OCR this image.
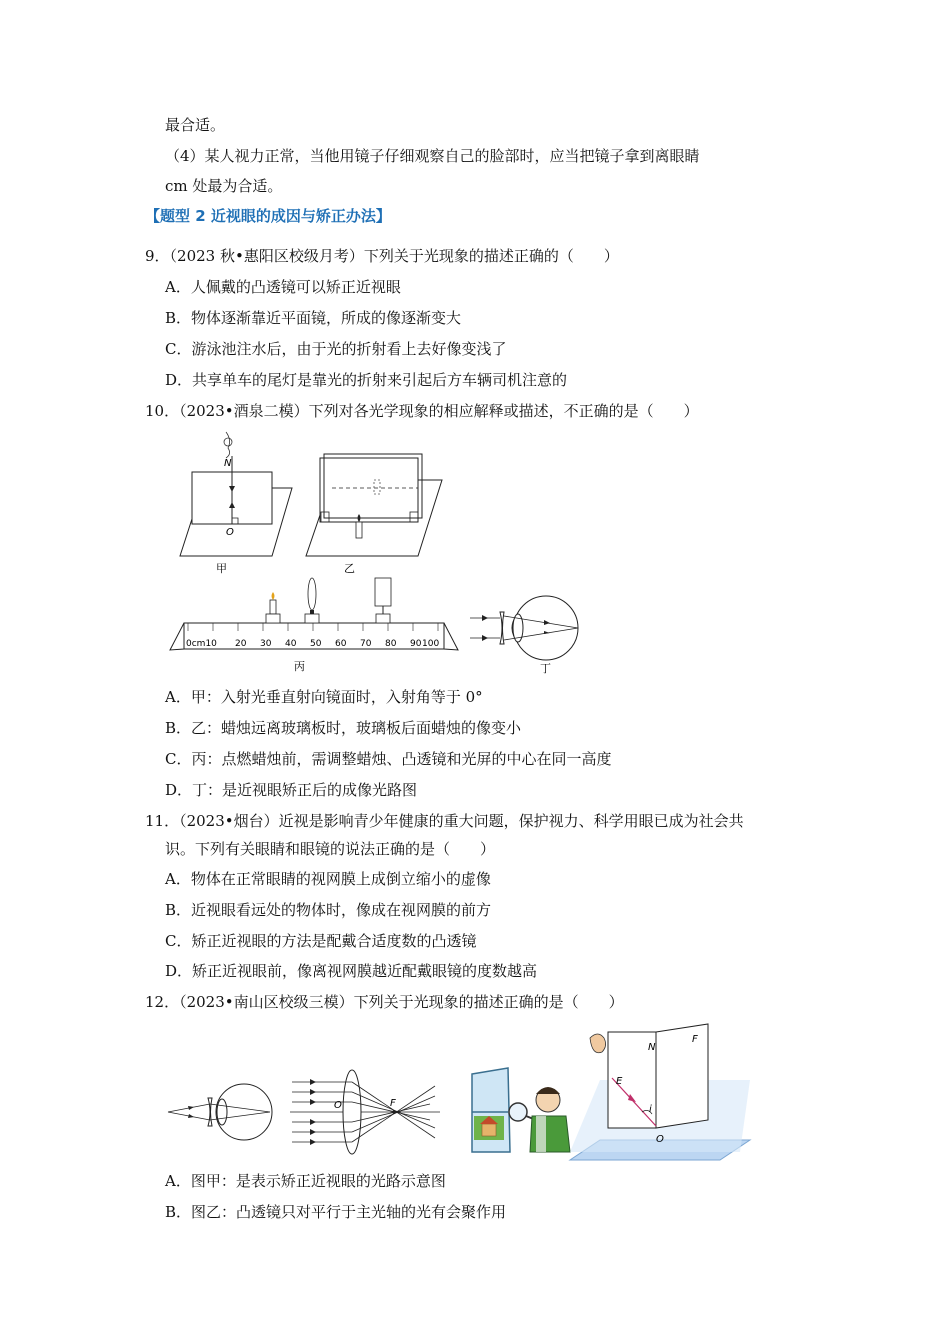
最合适。
（4）某人视力正常，当他用镜子仔细观察自己的脸部时，应当把镜子拿到离眼睛
cm 处最为合适。
【题型 2 近视眼的成因与矫正办法】
9．（2023 秋•惠阳区校级月考）下列关于光现象的描述正确的（　　）
A．人佩戴的凸透镜可以矫正近视眼
B．物体逐渐靠近平面镜，所成的像逐渐变大
C．游泳池注水后，由于光的折射看上去好像变浅了
D．共享单车的尾灯是靠光的折射来引起后方车辆司机注意的
10．（2023•酒泉二模）下列对各光学现象的相应解释或描述，不正确的是（　　）
N
O
甲	乙
0cm10 20 30 40 50 60 70 80 90 100
丙	丁
A．甲：入射光垂直射向镜面时，入射角等于 0°
B．乙：蜡烛远离玻璃板时，玻璃板后面蜡烛的像变小
C．丙：点燃蜡烛前，需调整蜡烛、凸透镜和光屏的中心在同一高度
D．丁：是近视眼矫正后的成像光路图
11．（2023•烟台）近视是影响青少年健康的重大问题，保护视力、科学用眼已成为社会共
识。下列有关眼睛和眼镜的说法正确的是（　　）
A．物体在正常眼睛的视网膜上成倒立缩小的虚像
B．近视眼看远处的物体时，像成在视网膜的前方
C．矫正近视眼的方法是配戴合适度数的凸透镜
D．矫正近视眼前，像离视网膜越近配戴眼镜的度数越高
12．（2023•南山区校级三模）下列关于光现象的描述正确的是（　　）
O	F
E
N
F
i
O
A．图甲：是表示矫正近视眼的光路示意图
B．图乙：凸透镜只对平行于主光轴的光有会聚作用
